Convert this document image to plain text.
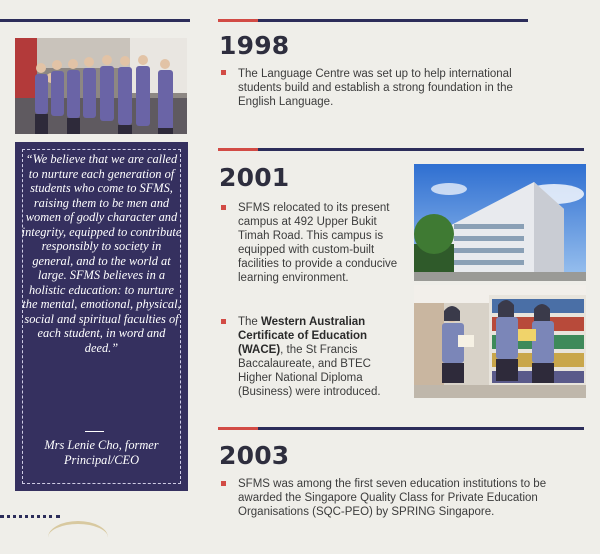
“We believe that we are called to nurture each generation of students who come to SFMS, raising them to be men and women of godly character and integrity, equipped to contribute responsibly to society in general, and to the world at large. SFMS believes in a holistic education: to nurture the mental, emotional, physical, social and spiritual faculties of each student, in word and deed.”

Mrs Lenie Cho, former Principal/CEO

1998

The Language Centre was set up to help international students build and establish a strong foundation in the English Language.

2001

SFMS relocated to its present campus at 492 Upper Bukit Timah Road. This campus is equipped with custom-built facilities to provide a conducive learning environment.

The Western Australian Certificate of Education (WACE), the St Francis Baccalaureate, and BTEC Higher National Diploma (Business) were introduced.

2003

SFMS was among the first seven education institutions to be awarded the Singapore Quality Class for Private Education Organisations (SQC-PEO) by SPRING Singapore.
